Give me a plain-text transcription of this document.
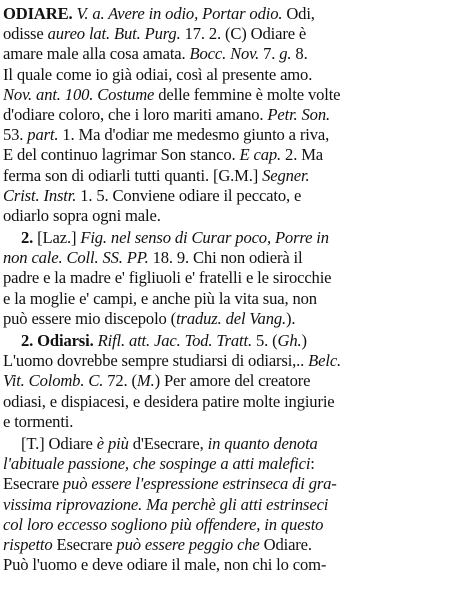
ODIARE. V. a. Avere in odio, Portar odio. Odi,
odisse aureo lat. But. Purg. 17. 2. (C) Odiare è
amare male alla cosa amata. Bocc. Nov. 7. g. 8.
Il quale come io già odiai, così al presente amo.
Nov. ant. 100. Costume delle femmine è molte volte
d'odiare coloro, che i loro mariti amano. Petr. Son.
53. part. 1. Ma d'odiar me medesmo giunto a riva,
E del continuo lagrimar Son stanco. E cap. 2. Ma
ferma son di odiarli tutti quanti. [G.M.] Segner.
Crist. Instr. 1. 5. Conviene odiare il peccato, e
odiarlo sopra ogni male.
2. [Laz.] Fig. nel senso di Curar poco, Porre in
non cale. Coll. SS. PP. 18. 9. Chi non odierà il
padre e la madre e' figliuoli e' fratelli e le sirocchie
e la moglie e' campi, e anche più la vita sua, non
può essere mio discepolo (traduz. del Vang.).
2. Odiarsi. Rifl. att. Jac. Tod. Tratt. 5. (Gh.)
L'uomo dovrebbe sempre studiarsi di odiarsi,.. Belc.
Vit. Colomb. C. 72. (M.) Per amore del creatore
odiasi, e dispiacesi, e desidera patire molte ingiurie
e tormenti.
[T.] Odiare è più d'Esecrare, in quanto denota
l'abituale passione, che sospinge a atti malefici:
Esecrare può essere l'espressione estrinseca di gra-
vissima riprovazione. Ma perchè gli atti estrinseci
col loro eccesso sogliono più offendere, in questo
rispetto Esecrare può essere peggio che Odiare.
Può l'uomo e deve odiare il male, non chi lo com-
